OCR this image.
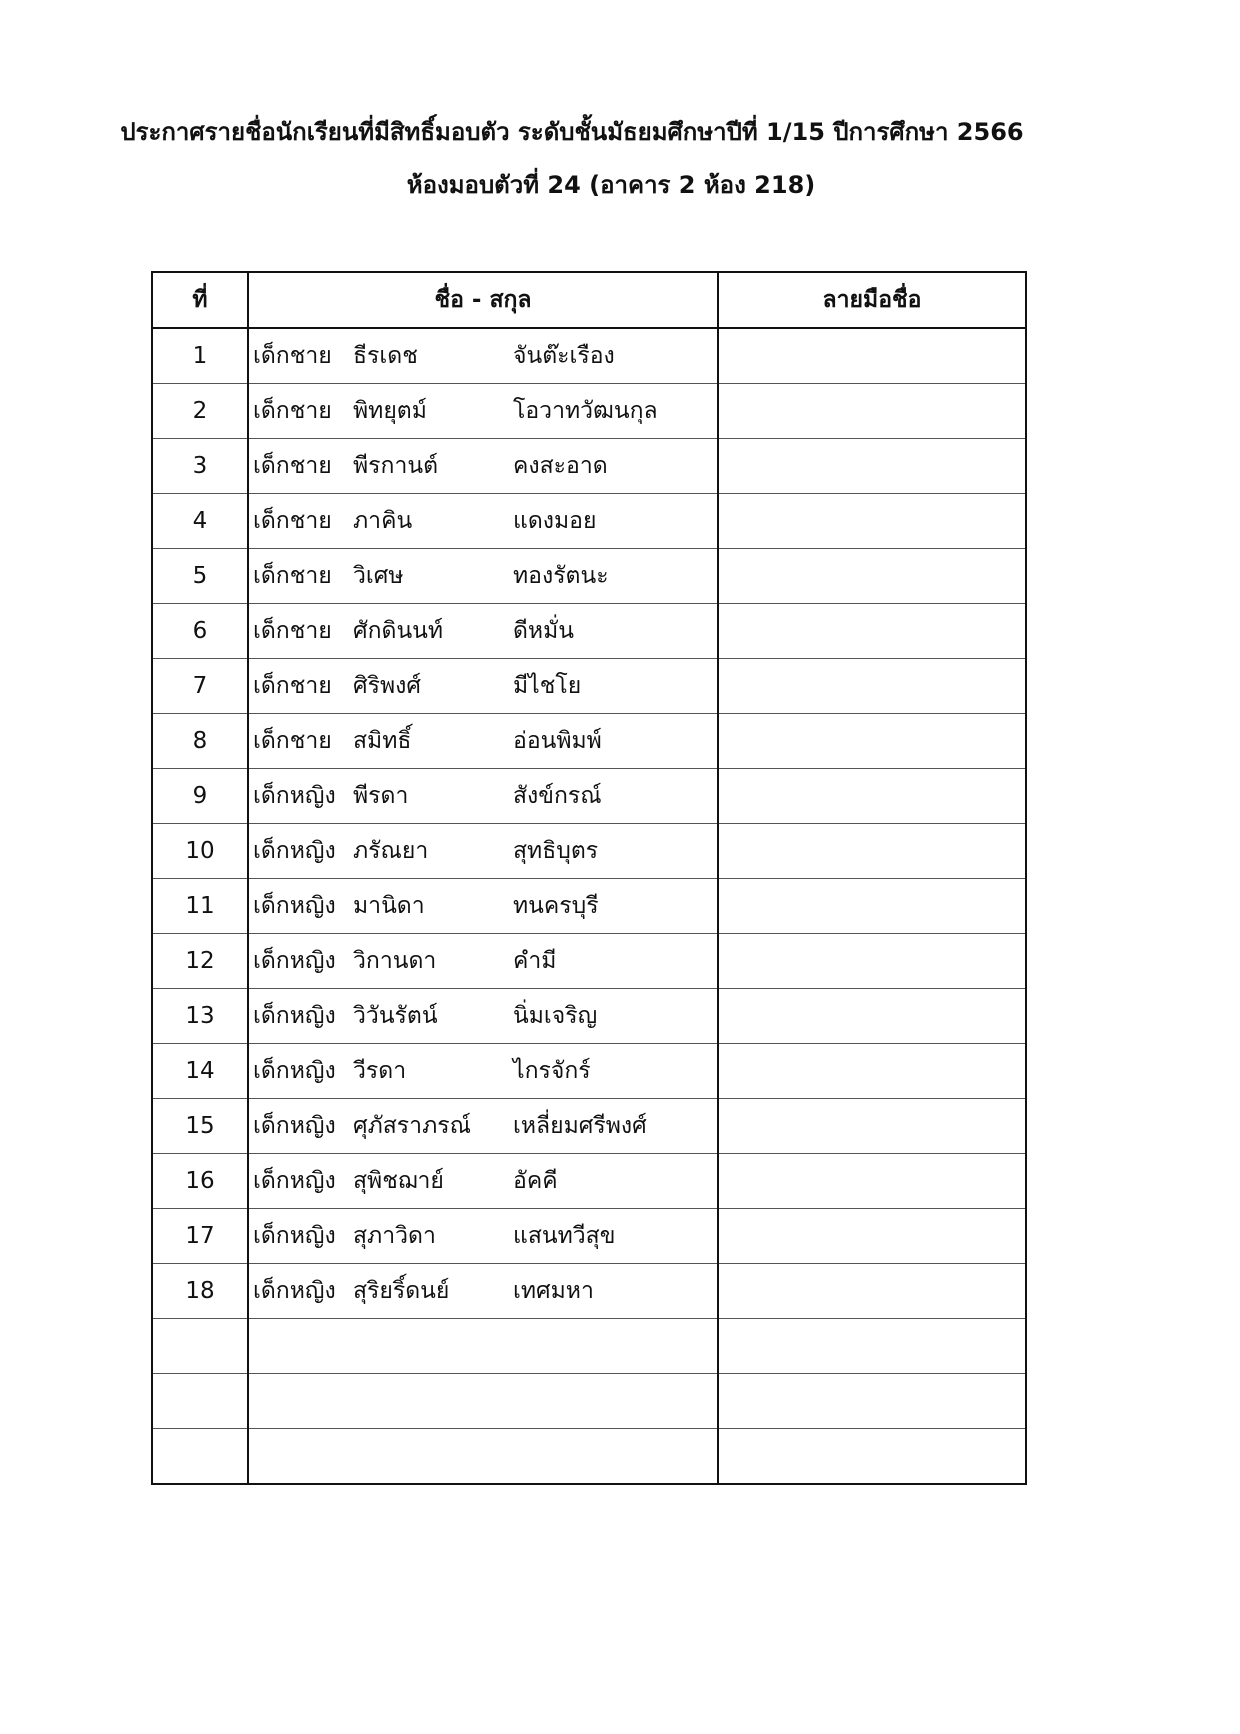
ประกาศรายชื่อนักเรียนที่มีสิทธิ์มอบตัว ระดับชั้นมัธยมศึกษาปีที่ 1/15 ปีการศึกษา 2566
ห้องมอบตัวที่ 24 (อาคาร 2 ห้อง 218)
ที่	ชื่อ - สกุล	ลายมือชื่อ
1	เด็กชาย ธีรเดช จันต๊ะเรือง	

2	เด็กชาย พิทยุตม์ โอวาทวัฒนกุล	

3	เด็กชาย พีรกานต์ คงสะอาด	

4	เด็กชาย ภาคิน แดงมอย	

5	เด็กชาย วิเศษ ทองรัตนะ	

6	เด็กชาย ศักดินนท์ ดีหมั่น	

7	เด็กชาย ศิริพงศ์ มีไชโย	

8	เด็กชาย สมิทธิ์ อ่อนพิมพ์	

9	เด็กหญิง พีรดา สังข์กรณ์	

10	เด็กหญิง ภรัณยา สุทธิบุตร	

11	เด็กหญิง มานิดา ทนครบุรี	

12	เด็กหญิง วิกานดา คำมี	

13	เด็กหญิง วิวันรัตน์ นิ่มเจริญ	

14	เด็กหญิง วีรดา ไกรจักร์	

15	เด็กหญิง ศุภัสราภรณ์ เหลี่ยมศรีพงศ์	

16	เด็กหญิง สุพิชฌาย์ อัคคี	

17	เด็กหญิง สุภาวิดา แสนทวีสุข	

18	เด็กหญิง สุริยริ์ดนย์ เทศมหา	
